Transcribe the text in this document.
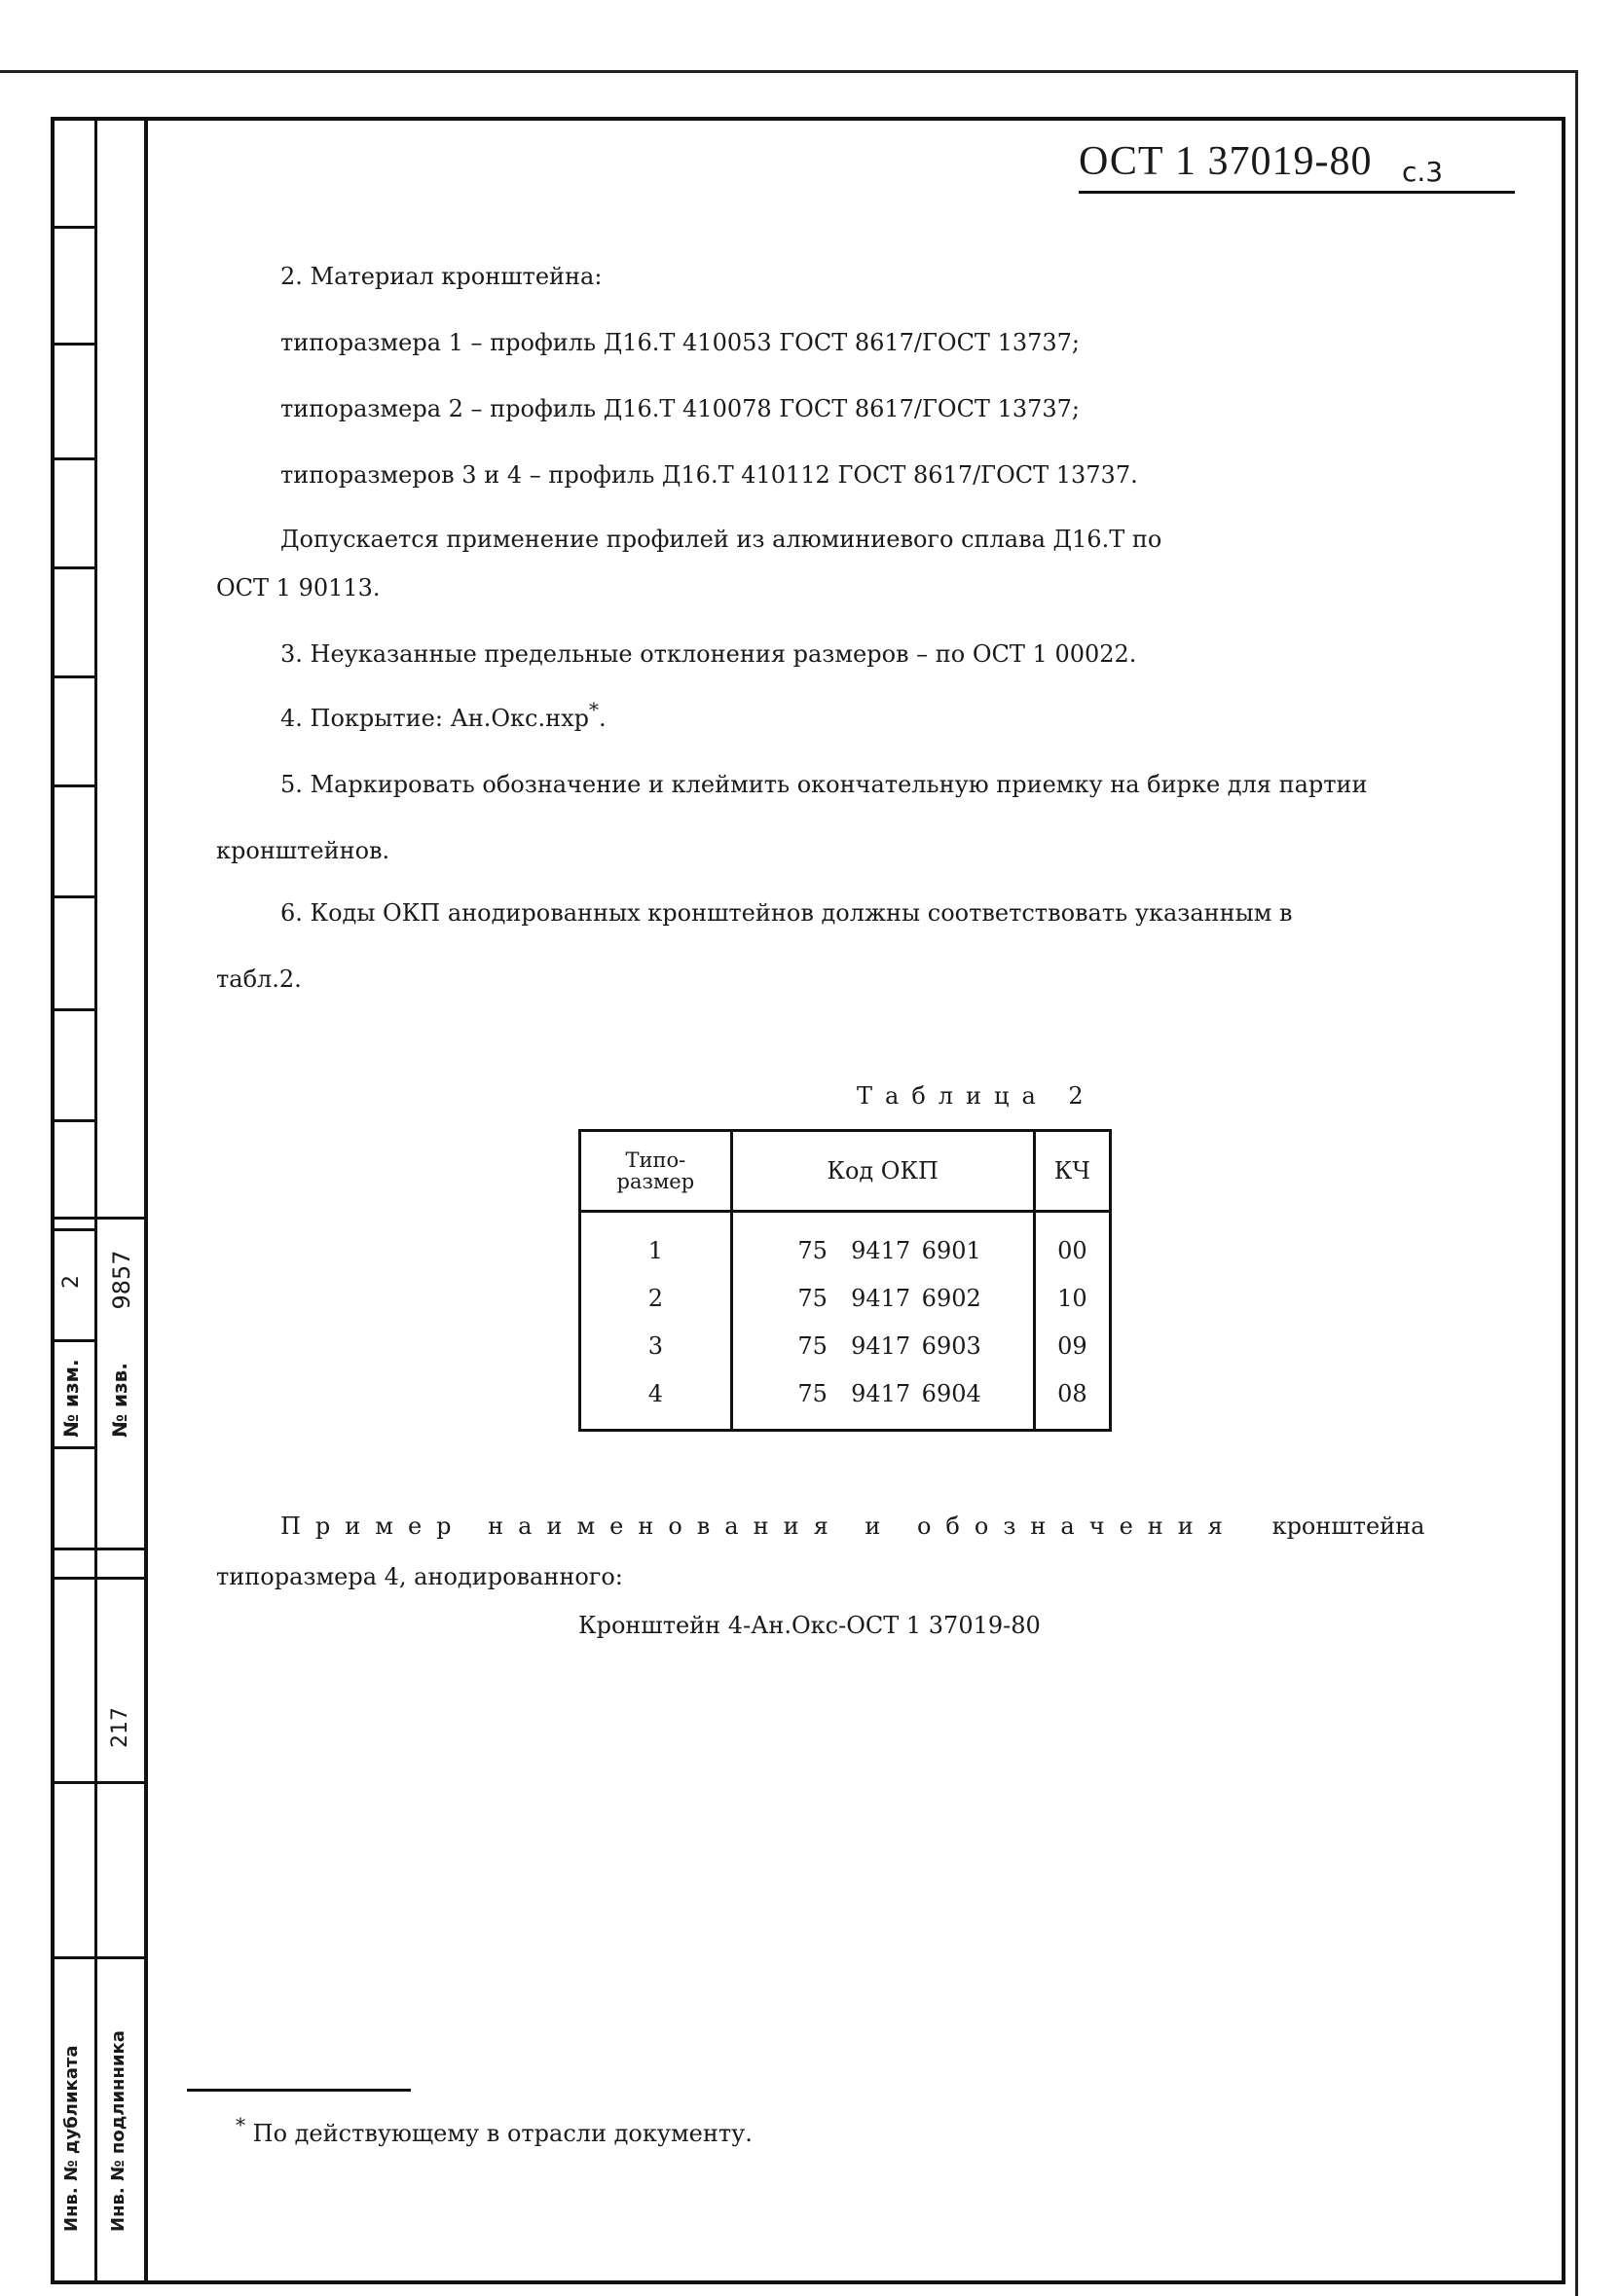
2
№ изм.
9857
№ изв.
217
Инв. № дубликата Инв. № подлинника
ОСТ 1 37019-80 с.3
2. Материал кронштейна:
типоразмера 1 – профиль Д16.Т 410053 ГОСТ 8617/ГОСТ 13737;
типоразмера 2 – профиль Д16.Т 410078 ГОСТ 8617/ГОСТ 13737;
типоразмеров 3 и 4 – профиль Д16.Т 410112 ГОСТ 8617/ГОСТ 13737.
Допускается применение профилей из алюминиевого сплава Д16.Т по
ОСТ 1 90113.
3. Неуказанные предельные отклонения размеров – по ОСТ 1 00022.
4. Покрытие: Ан.Окс.нхр*.
5. Маркировать обозначение и клеймить окончательную приемку на бирке для партии
кронштейнов.
6. Коды ОКП анодированных кронштейнов должны соответствовать указанным в
табл.2.
Таблица 2
Типо-
размер	Код ОКП	КЧ
1	75 9417 6901	00
2	75 9417 6902	10
3	75 9417 6903	09
4	75 9417 6904	08
Пример наименования и обозначения кронштейна
типоразмера 4, анодированного:
Кронштейн 4-Ан.Окс-ОСТ 1 37019-80
* По действующему в отрасли документу.
